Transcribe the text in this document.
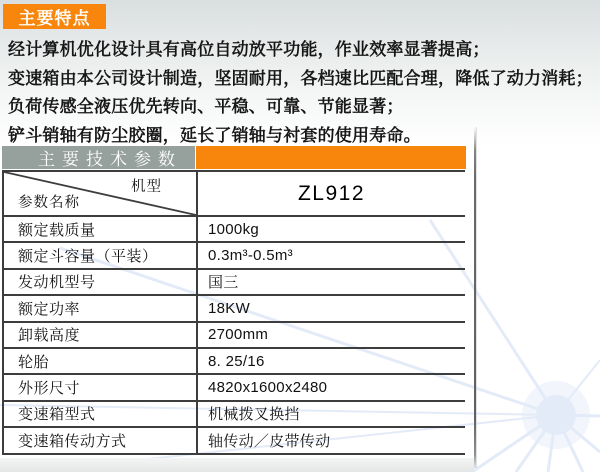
主要特点
经计算机优化设计具有高位自动放平功能，作业效率显著提高；
变速箱由本公司设计制造，坚固耐用，各档速比匹配合理，降低了动力消耗；
负荷传感全液压优先转向、平稳、可靠、节能显著；
铲斗销轴有防尘胶圈，延长了销轴与衬套的使用寿命。
主要技术参数
机型
参数名称	ZL912
额定载质量	1000kg
额定斗容量（平装）	0.3m³-0.5m³
发动机型号	国三
额定功率	18KW
卸载高度	2700mm
轮胎	8. 25/16
外形尺寸	4820x1600x2480
变速箱型式	机械拨叉换挡
变速箱传动方式	轴传动／皮带传动
